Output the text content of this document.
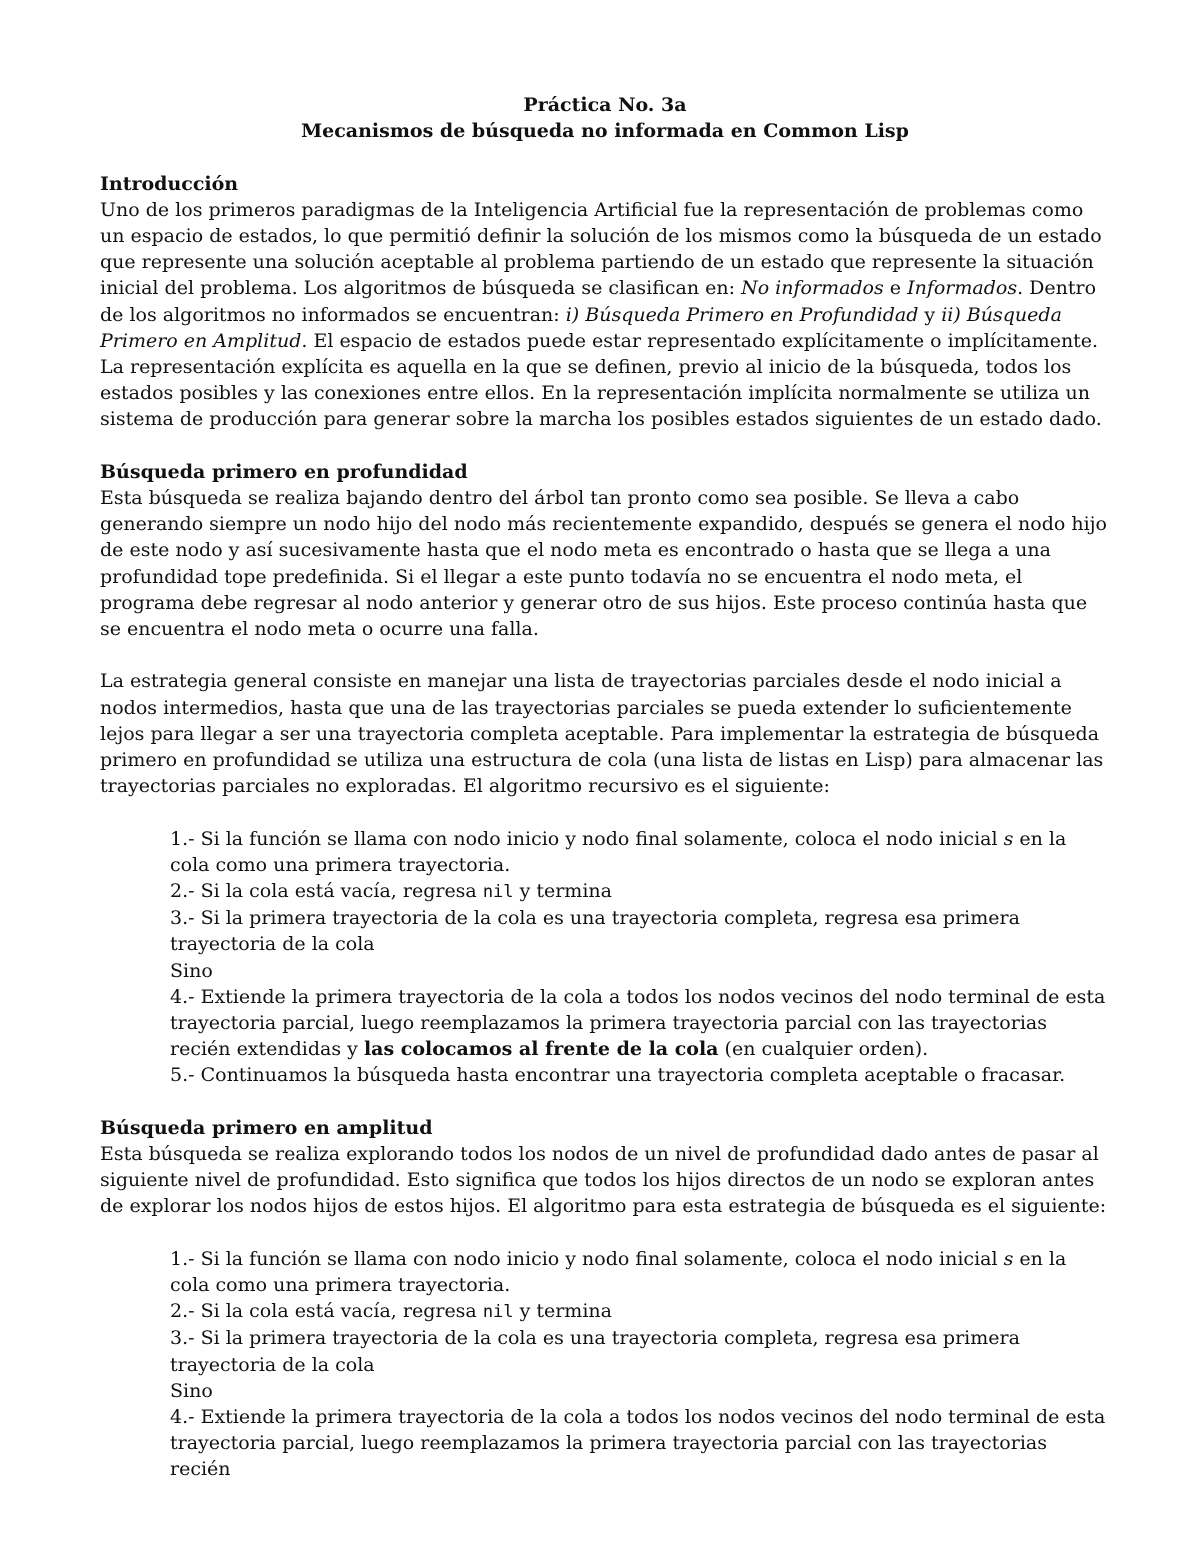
Práctica No. 3a
Mecanismos de búsqueda no informada en Common Lisp
Introducción
Uno de los primeros paradigmas de la Inteligencia Artificial fue la representación de problemas como un espacio de estados, lo que permitió definir la solución de los mismos como la búsqueda de un estado que represente una solución aceptable al problema partiendo de un estado que represente la situación inicial del problema. Los algoritmos de búsqueda se clasifican en: No informados e Informados. Dentro de los algoritmos no informados se encuentran: i) Búsqueda Primero en Profundidad y ii) Búsqueda Primero en Amplitud. El espacio de estados puede estar representado explícitamente o implícitamente. La representación explícita es aquella en la que se definen, previo al inicio de la búsqueda, todos los estados posibles y las conexiones entre ellos. En la representación implícita normalmente se utiliza un sistema de producción para generar sobre la marcha los posibles estados siguientes de un estado dado.
Búsqueda primero en profundidad
Esta búsqueda se realiza bajando dentro del árbol tan pronto como sea posible. Se lleva a cabo generando siempre un nodo hijo del nodo más recientemente expandido, después se genera el nodo hijo de este nodo y así sucesivamente hasta que el nodo meta es encontrado o hasta que se llega a una profundidad tope predefinida. Si el llegar a este punto todavía no se encuentra el nodo meta, el programa debe regresar al nodo anterior y generar otro de sus hijos. Este proceso continúa hasta que se encuentra el nodo meta o ocurre una falla.
La estrategia general consiste en manejar una lista de trayectorias parciales desde el nodo inicial a nodos intermedios, hasta que una de las trayectorias parciales se pueda extender lo suficientemente lejos para llegar a ser una trayectoria completa aceptable. Para implementar la estrategia de búsqueda primero en profundidad se utiliza una estructura de cola (una lista de listas en Lisp) para almacenar las trayectorias parciales no exploradas. El algoritmo recursivo es el siguiente:
1.- Si la función se llama con nodo inicio y nodo final solamente, coloca el nodo inicial s en la cola como una primera trayectoria.
2.- Si la cola está vacía, regresa nil y termina
3.- Si la primera trayectoria de la cola es una trayectoria completa, regresa esa primera trayectoria de la cola
Sino
4.- Extiende la primera trayectoria de la cola a todos los nodos vecinos del nodo terminal de esta trayectoria parcial, luego reemplazamos la primera trayectoria parcial con las trayectorias recién extendidas y las colocamos al frente de la cola (en cualquier orden).
5.- Continuamos la búsqueda hasta encontrar una trayectoria completa aceptable o fracasar.
Búsqueda primero en amplitud
Esta búsqueda se realiza explorando todos los nodos de un nivel de profundidad dado antes de pasar al siguiente nivel de profundidad. Esto significa que todos los hijos directos de un nodo se exploran antes de explorar los nodos hijos de estos hijos. El algoritmo para esta estrategia de búsqueda es el siguiente:
1.- Si la función se llama con nodo inicio y nodo final solamente, coloca el nodo inicial s en la cola como una primera trayectoria.
2.- Si la cola está vacía, regresa nil y termina
3.- Si la primera trayectoria de la cola es una trayectoria completa, regresa esa primera trayectoria de la cola
Sino
4.- Extiende la primera trayectoria de la cola a todos los nodos vecinos del nodo terminal de esta trayectoria parcial, luego reemplazamos la primera trayectoria parcial con las trayectorias recién
